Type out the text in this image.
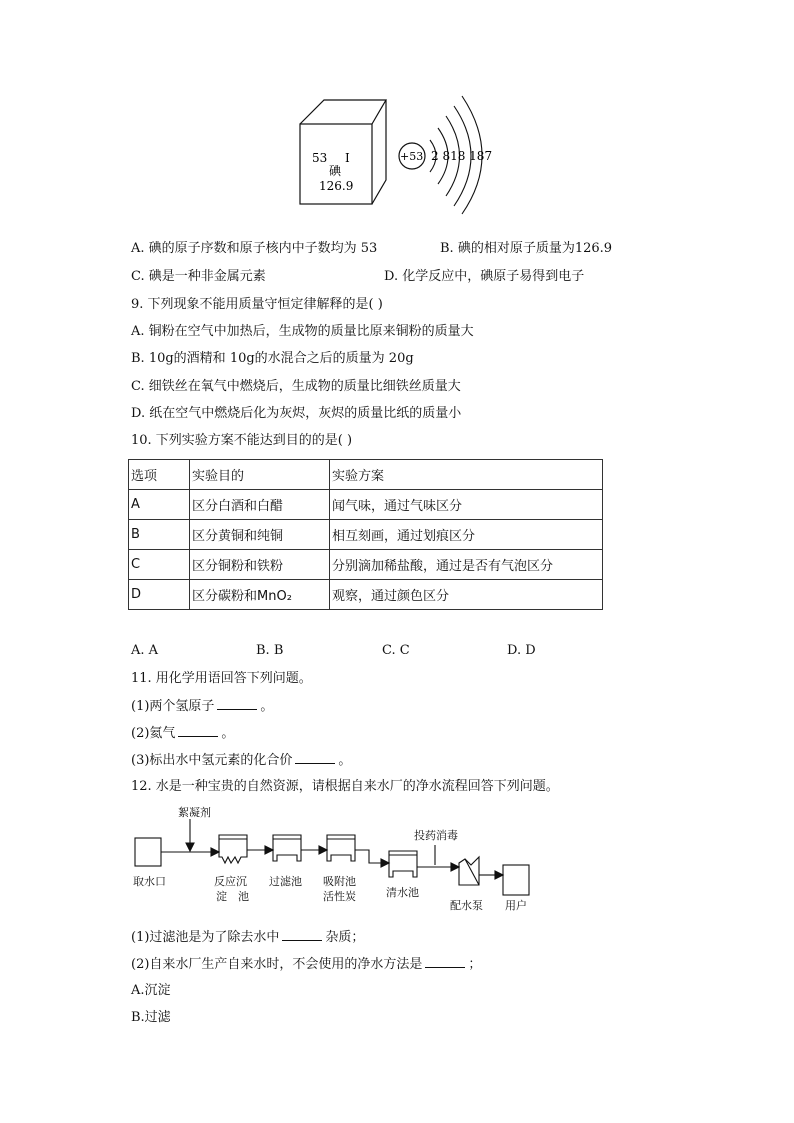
53 I
碘
126.9
+53 2 818 187
A. 碘的原子序数和原子核内中子数均为 53	B. 碘的相对原子质量为126.9
C. 碘是一种非金属元素	D. 化学反应中，碘原子易得到电子
9. 下列现象不能用质量守恒定律解释的是( )
A. 铜粉在空气中加热后，生成物的质量比原来铜粉的质量大
B. 10g的酒精和 10g的水混合之后的质量为 20g
C. 细铁丝在氧气中燃烧后，生成物的质量比细铁丝质量大
D. 纸在空气中燃烧后化为灰烬，灰烬的质量比纸的质量小
10. 下列实验方案不能达到目的的是( )
选项	实验目的	实验方案
A	区分白酒和白醋	闻气味，通过气味区分
B	区分黄铜和纯铜	相互刻画，通过划痕区分
C	区分铜粉和铁粉	分别滴加稀盐酸，通过是否有气泡区分
D	区分碳粉和MnO₂	观察，通过颜色区分
A. A	B. B	C. C	D. D
11. 用化学用语回答下列问题。
(1)两个氢原子	。
(2)氦气	。
(3)标出水中氢元素的化合价	。
12. 水是一种宝贵的自然资源，请根据自来水厂的净水流程回答下列问题。
絮凝剂
投药消毒
取水口	反应沉
淀　池
过滤池 吸附池
活性炭	清水池
配水泵 用户
(1)过滤池是为了除去水中	杂质；
(2)自来水厂生产自来水时，不会使用的净水方法是	；
A.沉淀
B.过滤
